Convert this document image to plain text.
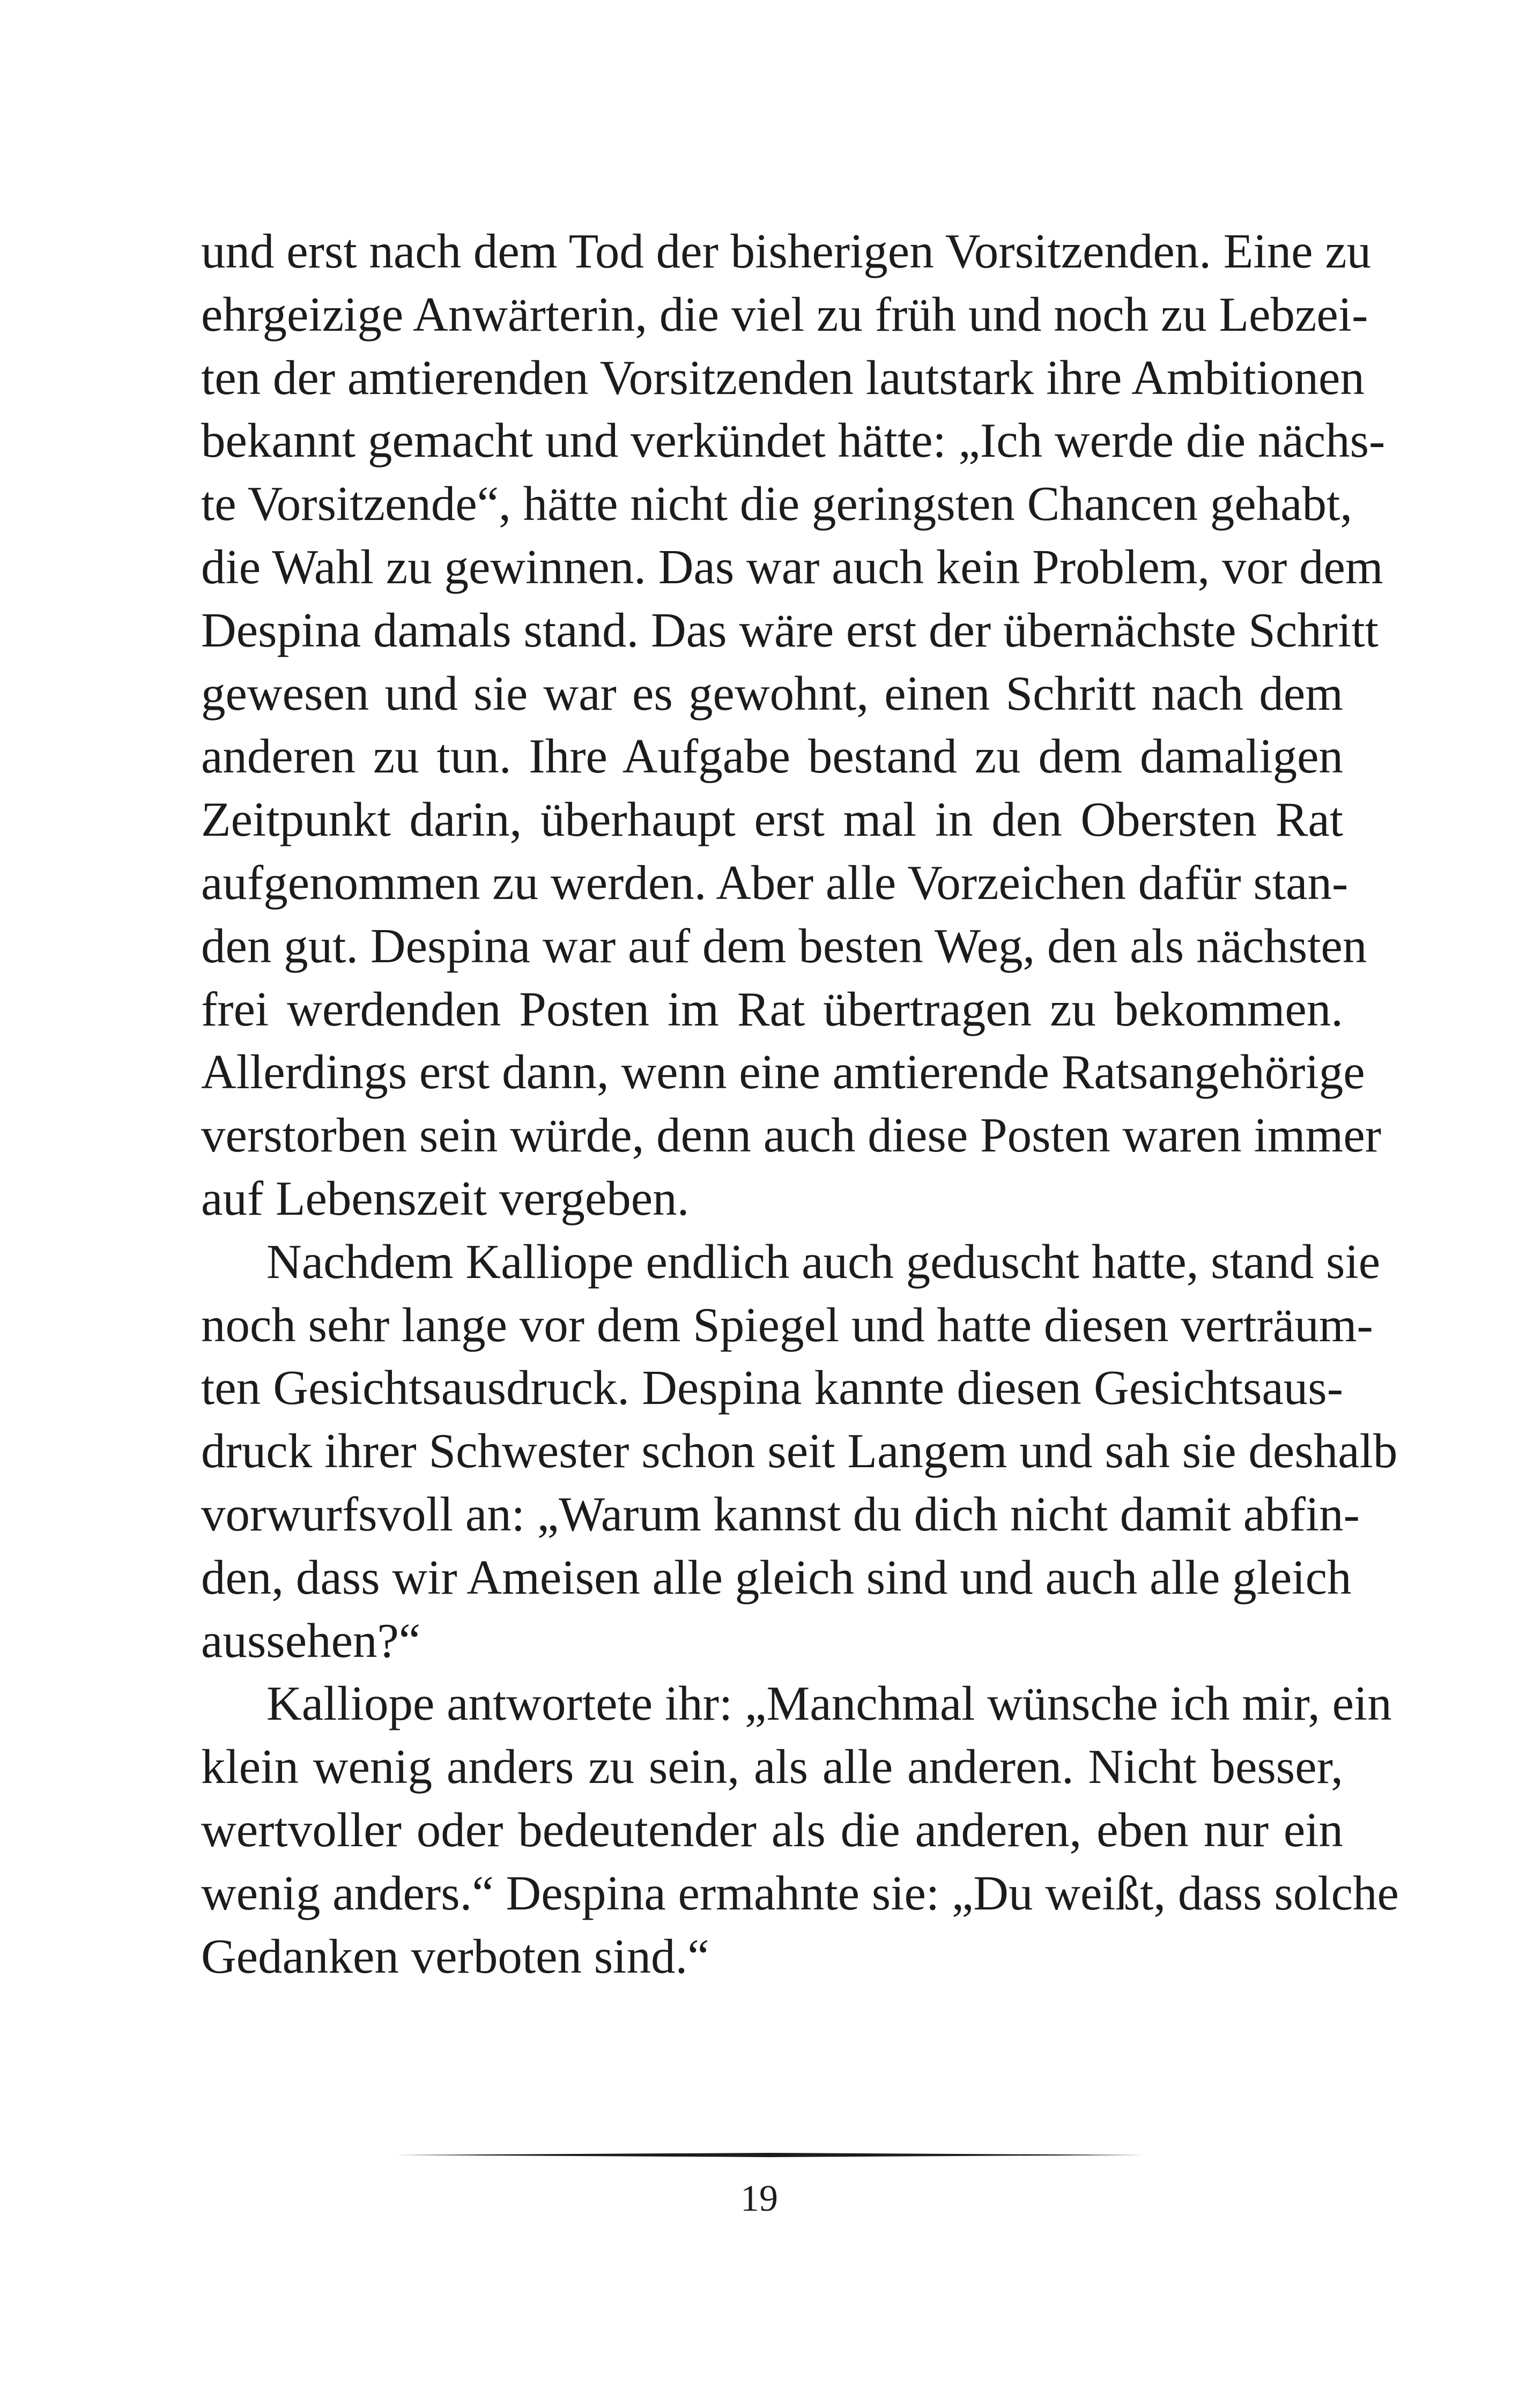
und erst nach dem Tod der bisherigen Vorsitzenden. Eine zu
ehrgeizige Anwärterin, die viel zu früh und noch zu Lebzei-
ten der amtierenden Vorsitzenden lautstark ihre Ambitionen
bekannt gemacht und verkündet hätte: „Ich werde die nächs-
te Vorsitzende“, hätte nicht die geringsten Chancen gehabt,
die Wahl zu gewinnen. Das war auch kein Problem, vor dem
Despina damals stand. Das wäre erst der übernächste Schritt
gewesen und sie war es gewohnt, einen Schritt nach dem
anderen zu tun. Ihre Aufgabe bestand zu dem damaligen
Zeitpunkt darin, überhaupt erst mal in den Obersten Rat
aufgenommen zu werden. Aber alle Vorzeichen dafür stan-
den gut. Despina war auf dem besten Weg, den als nächsten
frei werdenden Posten im Rat übertragen zu bekommen.
Allerdings erst dann, wenn eine amtierende Ratsangehörige
verstorben sein würde, denn auch diese Posten waren immer
auf Lebenszeit vergeben.
Nachdem Kalliope endlich auch geduscht hatte, stand sie
noch sehr lange vor dem Spiegel und hatte diesen verträum-
ten Gesichtsausdruck. Despina kannte diesen Gesichtsaus-
druck ihrer Schwester schon seit Langem und sah sie deshalb
vorwurfsvoll an: „Warum kannst du dich nicht damit abfin-
den, dass wir Ameisen alle gleich sind und auch alle gleich
aussehen?“
Kalliope antwortete ihr: „Manchmal wünsche ich mir, ein
klein wenig anders zu sein, als alle anderen. Nicht besser,
wertvoller oder bedeutender als die anderen, eben nur ein
wenig anders.“ Despina ermahnte sie: „Du weißt, dass solche
Gedanken verboten sind.“
19
